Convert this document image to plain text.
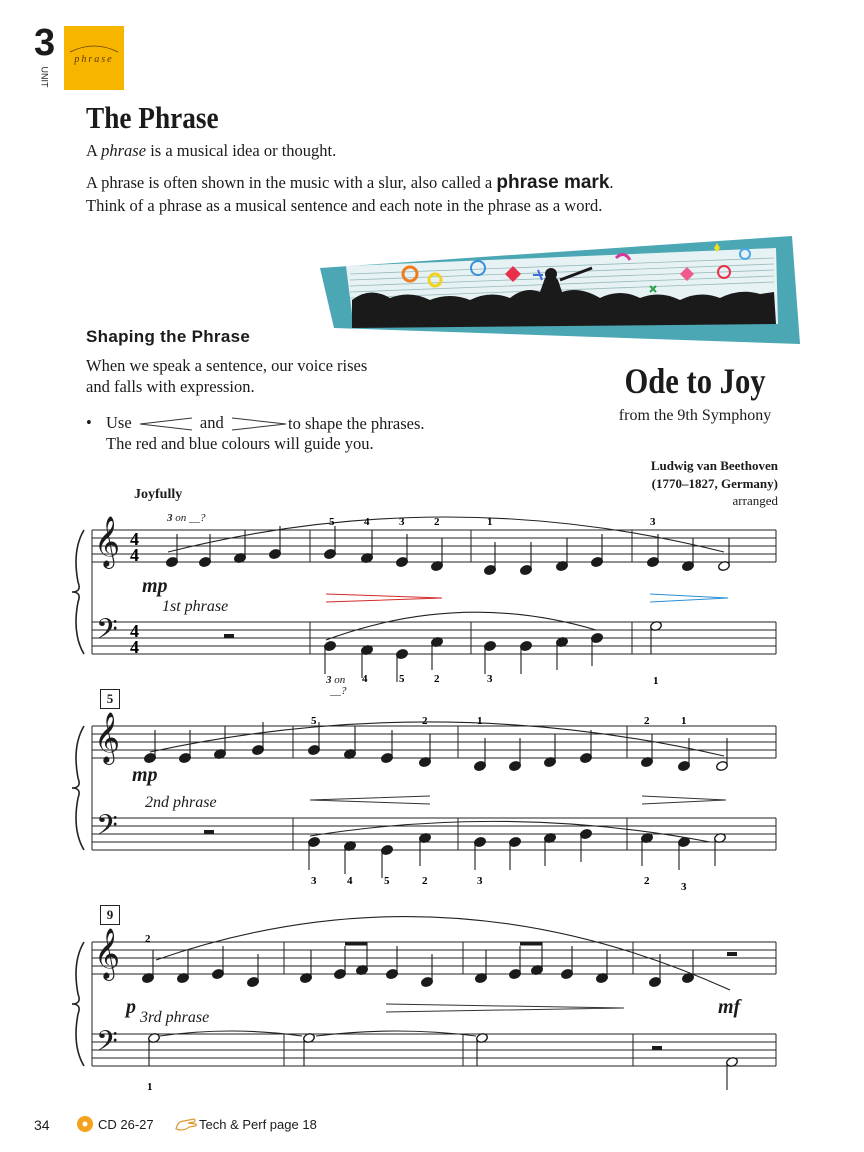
3
UNIT
phrase
The Phrase
A phrase is a musical idea or thought.
A phrase is often shown in the music with a slur, also called a phrase mark.
Think of a phrase as a musical sentence and each note in the phrase as a word.
Shaping the Phrase
When we speak a sentence, our voice rises
and falls with expression.
• Use	and	to shape the phrases.
The red and blue colours will guide you.
Ode to Joy
from the 9th Symphony
Ludwig van Beethoven
(1770–1827, Germany)
arranged
Joyfully
𝄞
𝄢
4
4
4
4
5	4	3	2	1	3
4	5	2	3	1
𝄞
𝄢
5	2	1	2	1
3	4	5	2	3	2	3
𝄞
𝄢
2
1
5
9
mp
mp
p	mf
1st phrase
2nd phrase
3rd phrase
3 on __?
3 on
__?
34	CD 26-27	Tech & Perf page 18
